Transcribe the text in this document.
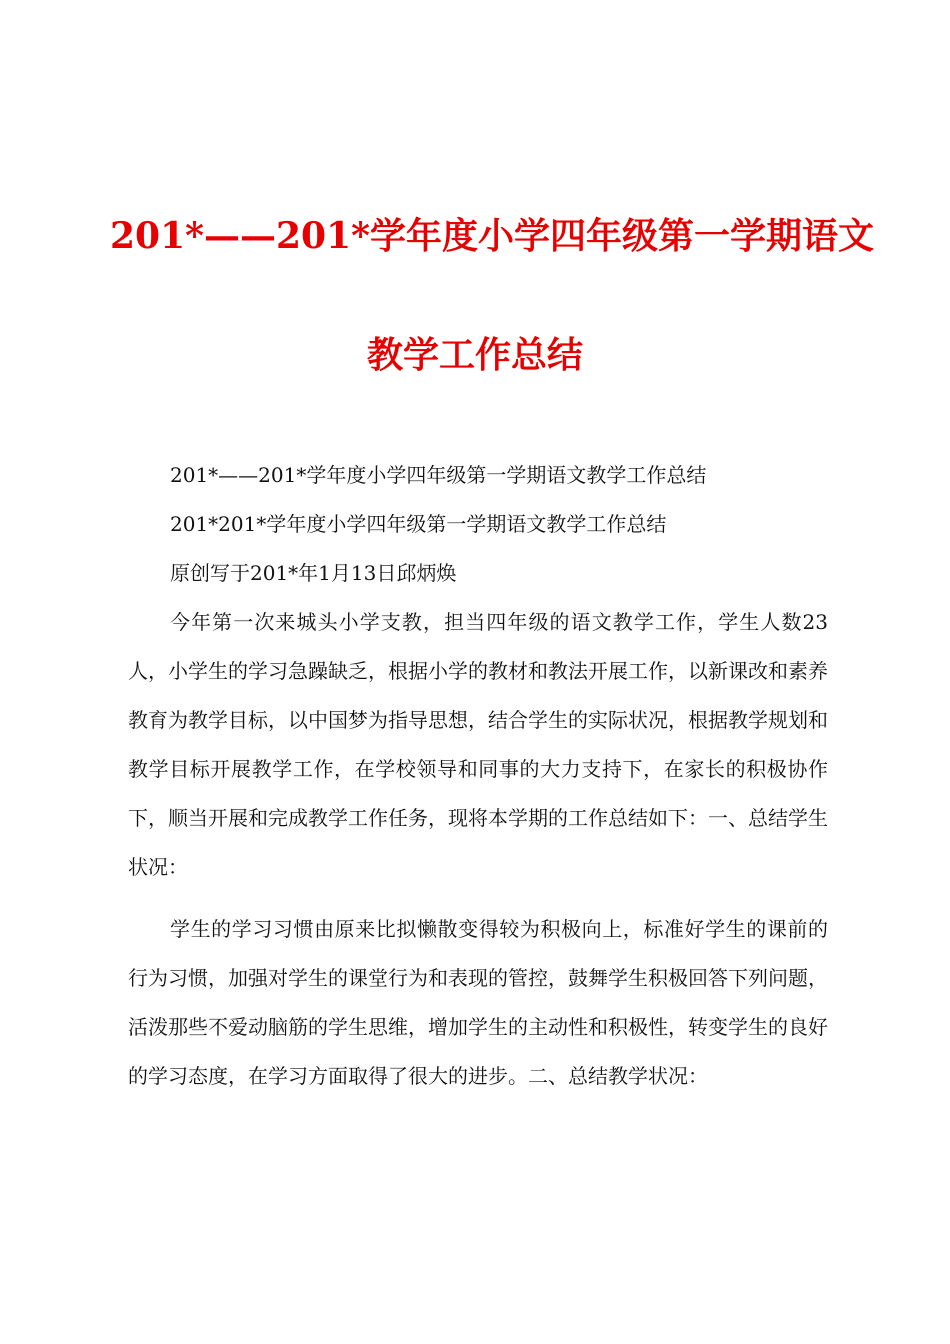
201*——201*学年度小学四年级第一学期语文
教学工作总结

201*——201*学年度小学四年级第一学期语文教学工作总结

201*201*学年度小学四年级第一学期语文教学工作总结

原创写于201*年1月13日邱炳焕

今年第一次来城头小学支教，担当四年级的语文教学工作，学生人数23人，小学生的学习急躁缺乏，根据小学的教材和教法开展工作，以新课改和素养教育为教学目标，以中国梦为指导思想，结合学生的实际状况，根据教学规划和教学目标开展教学工作，在学校领导和同事的大力支持下，在家长的积极协作下，顺当开展和完成教学工作任务，现将本学期的工作总结如下：一、总结学生状况：

学生的学习习惯由原来比拟懒散变得较为积极向上，标准好学生的课前的行为习惯，加强对学生的课堂行为和表现的管控，鼓舞学生积极回答下列问题，活泼那些不爱动脑筋的学生思维，增加学生的主动性和积极性，转变学生的良好的学习态度，在学习方面取得了很大的进步。二、总结教学状况：
